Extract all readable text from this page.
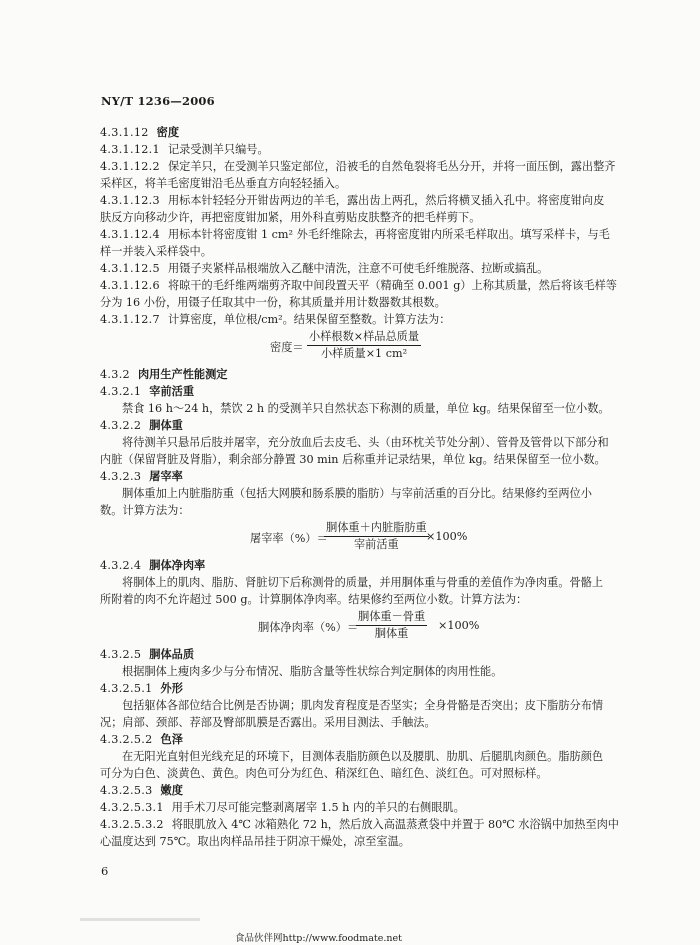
NY/T 1236—2006
4.3.1.12 密度
4.3.1.12.1 记录受测羊只编号。
4.3.1.12.2 保定羊只，在受测羊只鉴定部位，沿被毛的自然龟裂将毛丛分开，并将一面压倒，露出整齐
采样区，将羊毛密度钳沿毛丛垂直方向轻轻插入。
4.3.1.12.3 用标本针轻轻分开钳齿两边的羊毛，露出齿上两孔，然后将横叉插入孔中。将密度钳向皮
肤反方向移动少许，再把密度钳加紧，用外科直剪贴皮肤整齐的把毛样剪下。
4.3.1.12.4 用标本针将密度钳 1 cm² 外毛纤维除去，再将密度钳内所采毛样取出。填写采样卡，与毛
样一并装入采样袋中。
4.3.1.12.5 用镊子夹紧样品根端放入乙醚中清洗，注意不可使毛纤维脱落、拉断或搞乱。
4.3.1.12.6 将晾干的毛纤维两端剪齐取中间段置天平（精确至 0.001 g）上称其质量，然后将该毛样等
分为 16 小份，用镊子任取其中一份，称其质量并用计数器数其根数。
4.3.1.12.7 计算密度，单位根/cm²。结果保留至整数。计算方法为：
密度＝
小样根数×样品总质量
小样质量×1 cm²
4.3.2 肉用生产性能测定
4.3.2.1 宰前活重
禁食 16 h～24 h，禁饮 2 h 的受测羊只自然状态下称测的质量，单位 kg。结果保留至一位小数。
4.3.2.2 胴体重
将待测羊只悬吊后肢并屠宰，充分放血后去皮毛、头（由环枕关节处分割）、管骨及管骨以下部分和
内脏（保留肾脏及肾脂），剩余部分静置 30 min 后称重并记录结果，单位 kg。结果保留至一位小数。
4.3.2.3 屠宰率
胴体重加上内脏脂肪重（包括大网膜和肠系膜的脂肪）与宰前活重的百分比。结果修约至两位小
数。计算方法为：
屠宰率（%）＝
胴体重＋内脏脂肪重
宰前活重
×100%
4.3.2.4 胴体净肉率
将胴体上的肌肉、脂肪、肾脏切下后称测骨的质量，并用胴体重与骨重的差值作为净肉重。骨骼上
所附着的肉不允许超过 500 g。计算胴体净肉率。结果修约至两位小数。计算方法为：
胴体净肉率（%）＝
胴体重－骨重
胴体重
×100%
4.3.2.5 胴体品质
根据胴体上瘦肉多少与分布情况、脂肪含量等性状综合判定胴体的肉用性能。
4.3.2.5.1 外形
包括躯体各部位结合比例是否协调；肌肉发育程度是否坚实；全身骨骼是否突出；皮下脂肪分布情
况；肩部、颈部、荐部及臀部肌膜是否露出。采用目测法、手触法。
4.3.2.5.2 色泽
在无阳光直射但光线充足的环境下，目测体表脂肪颜色以及腰肌、肋肌、后腿肌肉颜色。脂肪颜色
可分为白色、淡黄色、黄色。肉色可分为红色、稍深红色、暗红色、淡红色。可对照标样。
4.3.2.5.3 嫩度
4.3.2.5.3.1 用手术刀尽可能完整剥离屠宰 1.5 h 内的羊只的右侧眼肌。
4.3.2.5.3.2 将眼肌放入 4℃ 冰箱熟化 72 h，然后放入高温蒸煮袋中并置于 80℃ 水浴锅中加热至肉中
心温度达到 75℃。取出肉样品吊挂于阴凉干燥处，凉至室温。
6
食品伙伴网http://www.foodmate.net
